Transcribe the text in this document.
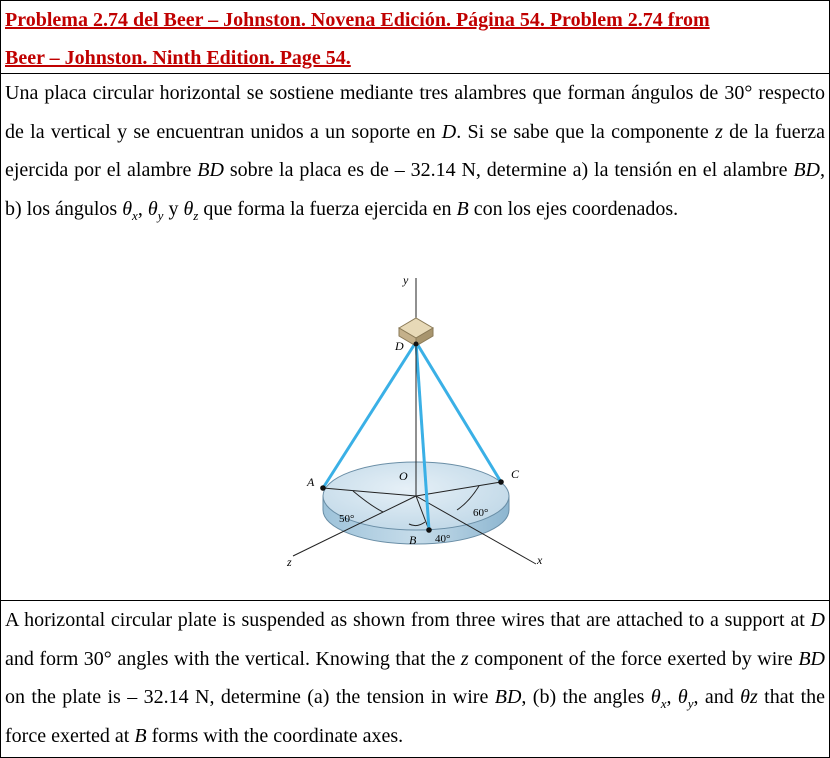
Problema 2.74 del Beer – Johnston. Novena Edición. Página 54. Problem 2.74 from
Beer – Johnston. Ninth Edition. Page 54.

Una placa circular horizontal se sostiene mediante tres alambres que forman ángulos de 30° respecto de la vertical y se encuentran unidos a un soporte en D. Si se sabe que la componente z de la fuerza ejercida por el alambre BD sobre la placa es de – 32.14 N, determine a) la tensión en el alambre BD, b) los ángulos $\theta_x$, $\theta_y$ y $\theta_z$ que forma la fuerza ejercida en B con los ejes coordenados.

y
z	x
50°	60°
40°
D
O
A
C
B

A horizontal circular plate is suspended as shown from three wires that are attached to a support at D and form 30° angles with the vertical. Knowing that the z component of the force exerted by wire BD on the plate is – 32.14 N, determine (a) the tension in wire BD, (b) the angles $\theta_x$, $\theta_y$, and θz that the force exerted at B forms with the coordinate axes.
